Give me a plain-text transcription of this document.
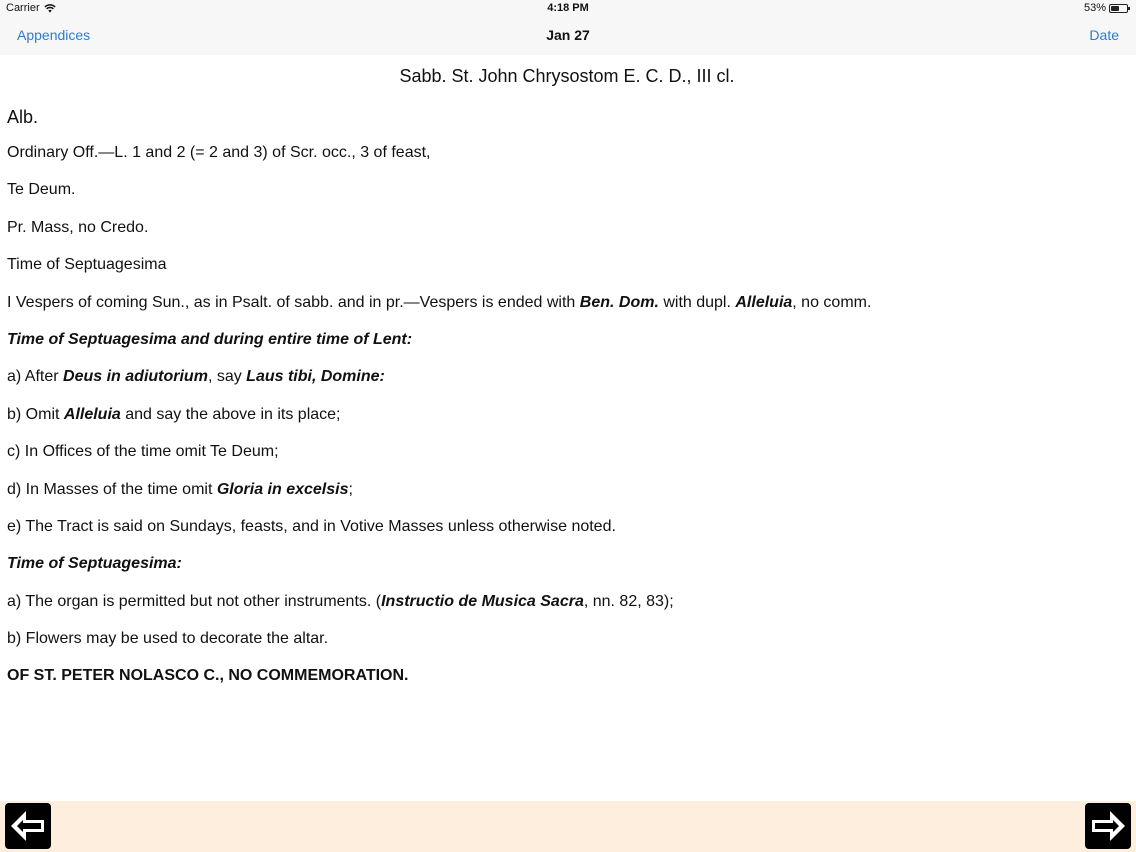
Carrier	4:18 PM	53%
Appendices	Jan 27	Date
Sabb. St. John Chrysostom E. C. D., III cl.

Alb.

Ordinary Off.—L. 1 and 2 (= 2 and 3) of Scr. occ., 3 of feast,

Te Deum.

Pr. Mass, no Credo.

Time of Septuagesima

I Vespers of coming Sun., as in Psalt. of sabb. and in pr.—Vespers is ended with Ben. Dom. with dupl. Alleluia, no comm.

Time of Septuagesima and during entire time of Lent:

a) After Deus in adiutorium, say Laus tibi, Domine:

b) Omit Alleluia and say the above in its place;

c) In Offices of the time omit Te Deum;

d) In Masses of the time omit Gloria in excelsis;

e) The Tract is said on Sundays, feasts, and in Votive Masses unless otherwise noted.

Time of Septuagesima:

a) The organ is permitted but not other instruments. (Instructio de Musica Sacra, nn. 82, 83);

b) Flowers may be used to decorate the altar.

OF ST. PETER NOLASCO C., NO COMMEMORATION.
